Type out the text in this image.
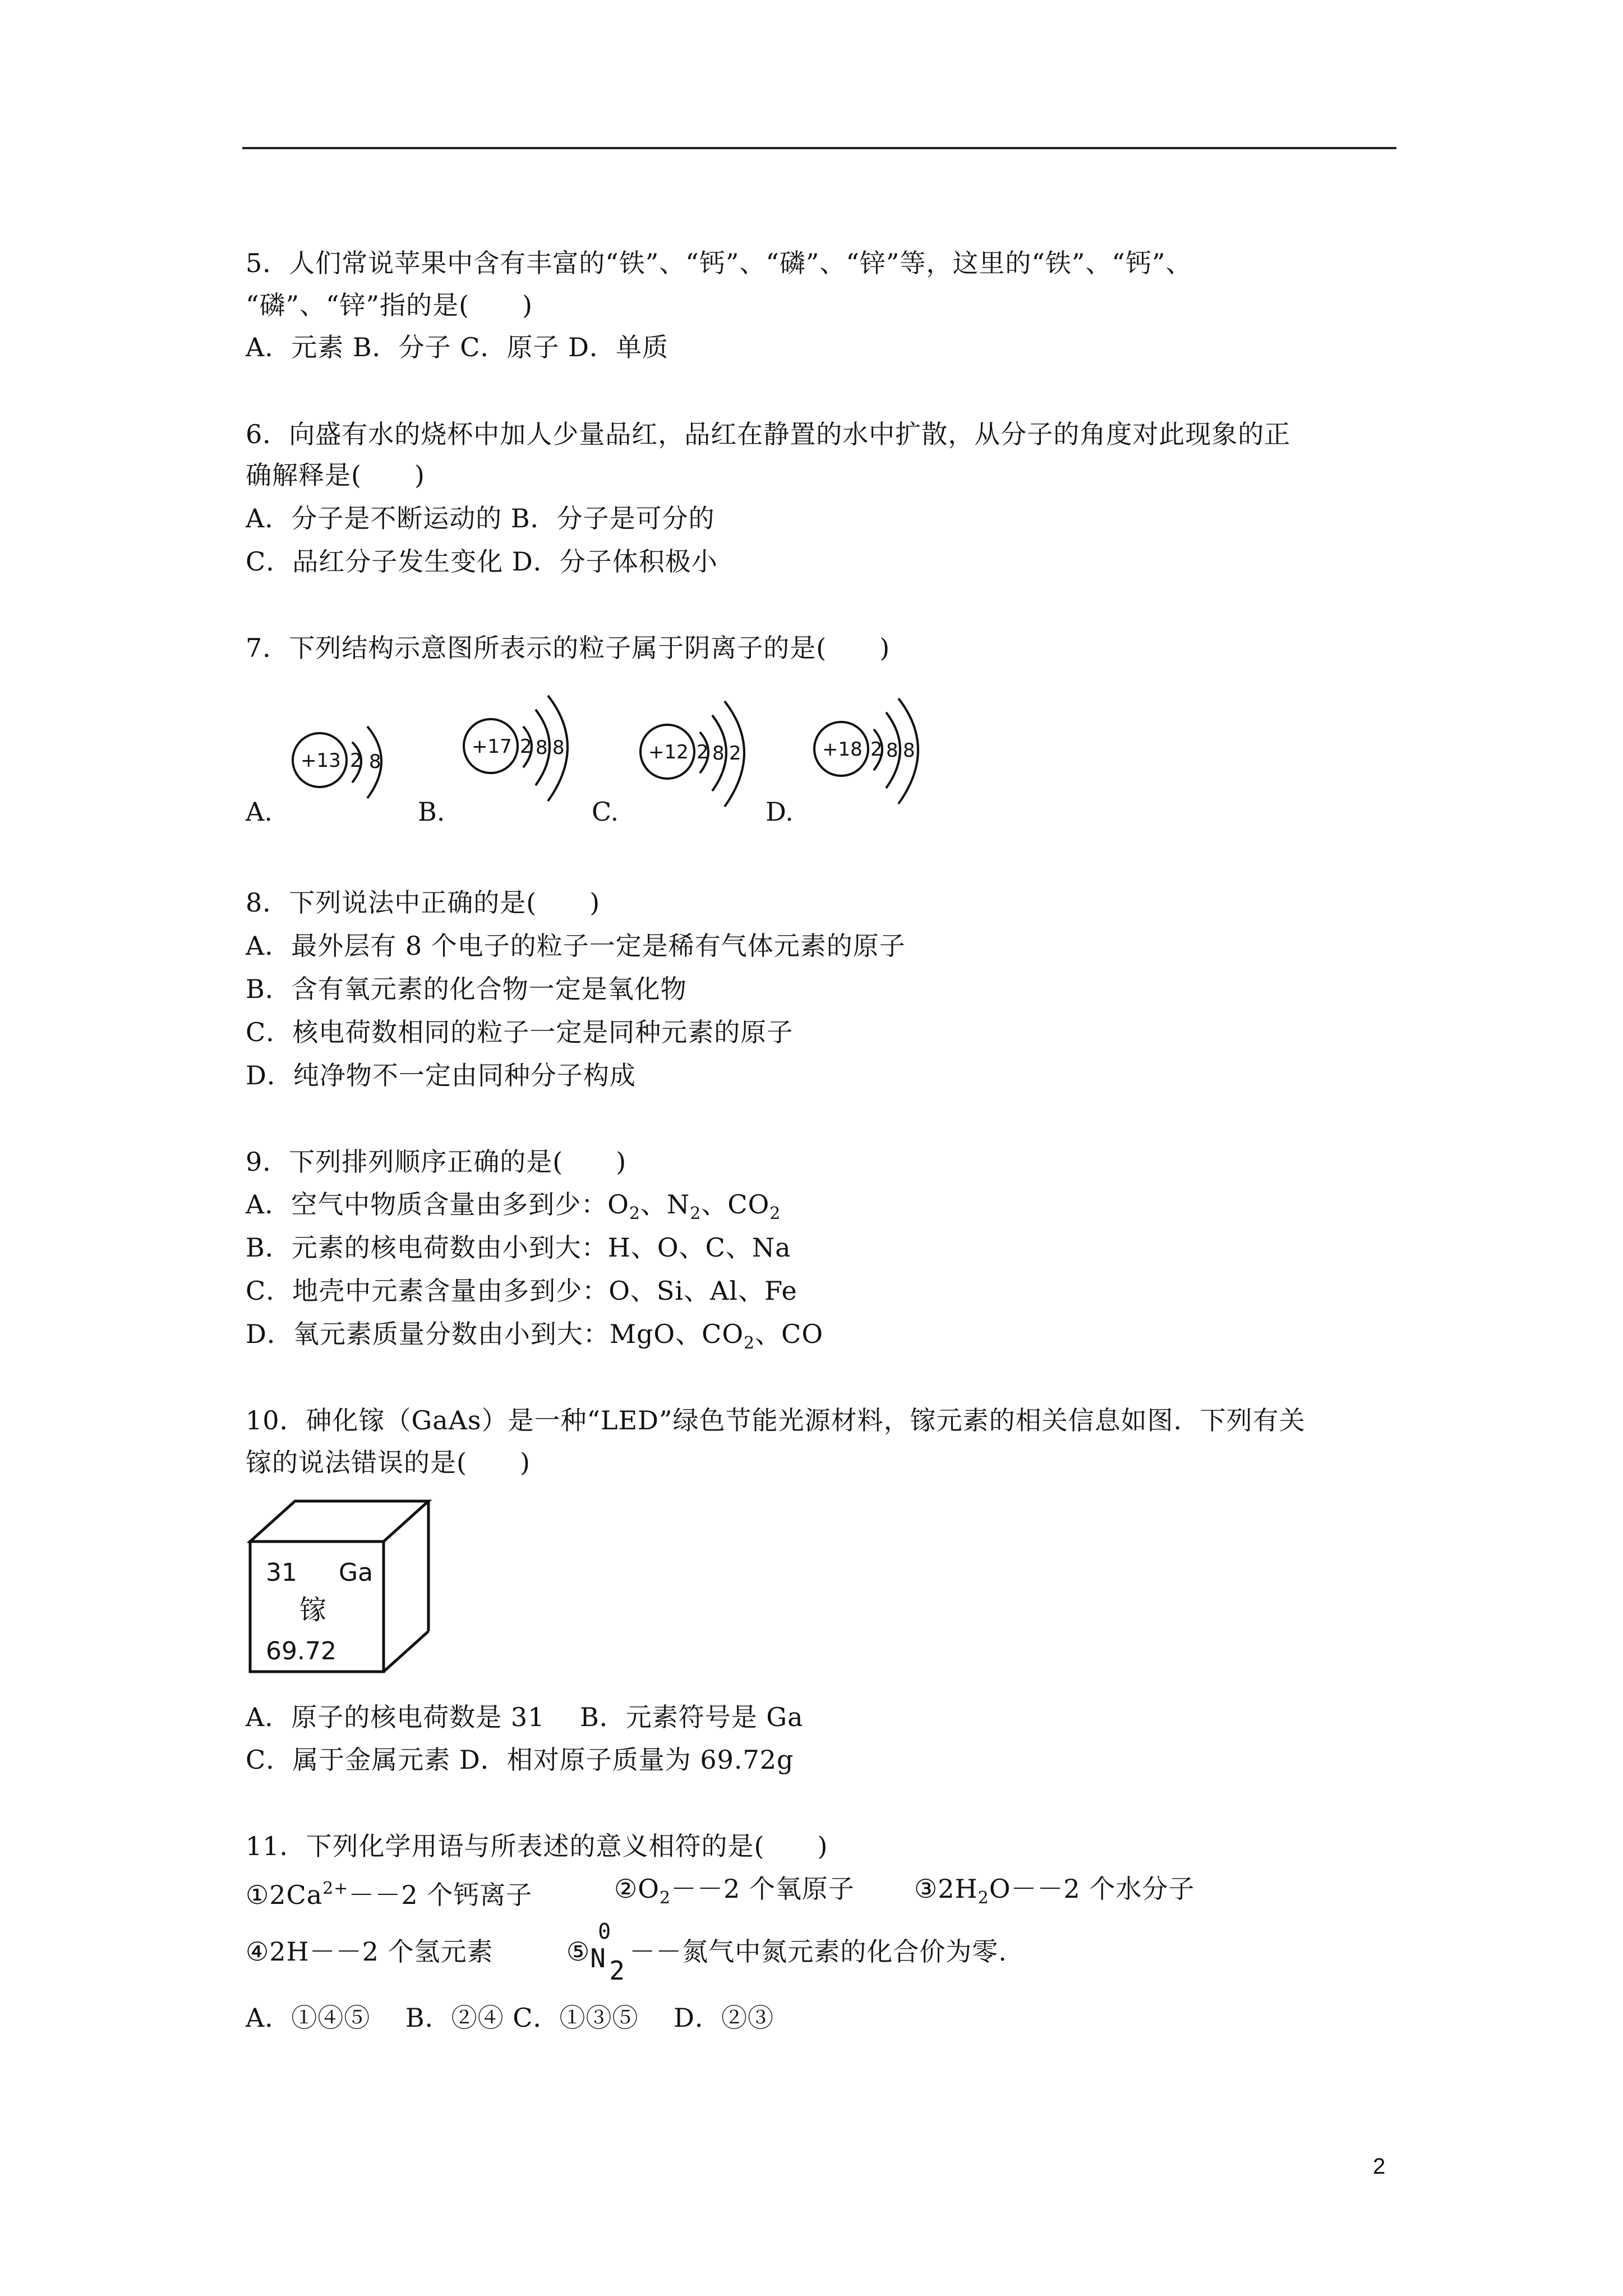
5．人们常说苹果中含有丰富的“铁”、“钙”、“磷”、“锌”等，这里的“铁”、“钙”、
“磷”、“锌”指的是(　　)
A．元素 B．分子 C．原子 D．单质
6．向盛有水的烧杯中加人少量品红，品红在静置的水中扩散，从分子的角度对此现象的正
确解释是(　　)
A．分子是不断运动的 B．分子是可分的
C．品红分子发生变化 D．分子体积极小
7．下列结构示意图所表示的粒子属于阴离子的是(　　)
A.
+13 2 8
B.
+17 2 8 8
C.
+12 2 8 2
D.
+18 2 8 8
8．下列说法中正确的是(　　)
A．最外层有 8 个电子的粒子一定是稀有气体元素的原子
B．含有氧元素的化合物一定是氧化物
C．核电荷数相同的粒子一定是同种元素的原子
D．纯净物不一定由同种分子构成
9．下列排列顺序正确的是(　　)
A．空气中物质含量由多到少：$O_2$、$N_2$、$CO_2$
B．元素的核电荷数由小到大：H、O、C、Na
C．地壳中元素含量由多到少：O、Si、Al、Fe
D．氧元素质量分数由小到大：MgO、$CO_2$、CO
10．砷化镓（GaAs）是一种“LED”绿色节能光源材料，镓元素的相关信息如图．下列有关
镓的说法错误的是(　　)
31 Ga
镓
69.72
A．原子的核电荷数是 31　 B．元素符号是 Ga
C．属于金属元素 D．相对原子质量为 69.72g
11．下列化学用语与所表述的意义相符的是(　　)
$①2Ca^{2+}--2$ 个钙离子	$②O_2--2$ 个氧原子 $③2H_2O--2$ 个水分子
④2H－－2 个氢元素	⑤
0
N 2
－－氮气中氮元素的化合价为零.
A．①④⑤　 B．②④ C．①③⑤　 D．②③
2
